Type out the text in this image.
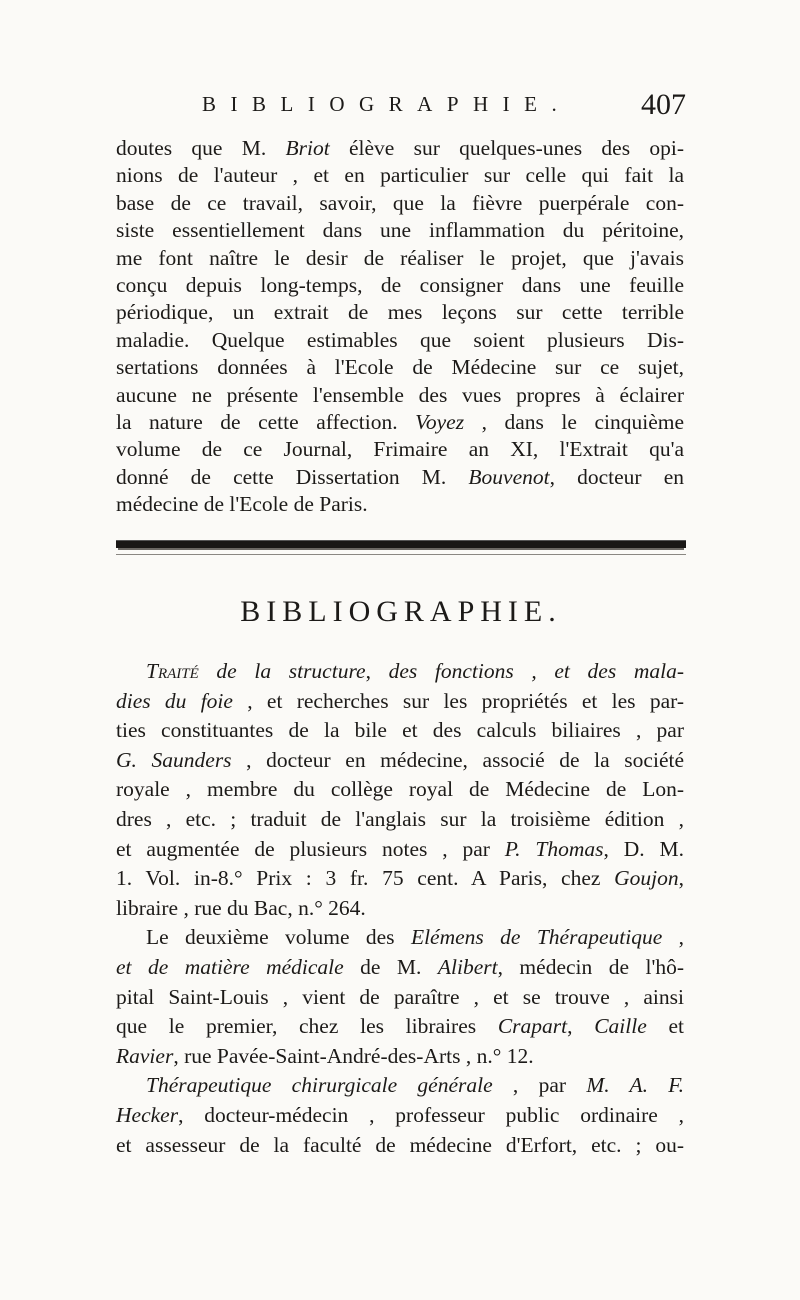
BIBLIOGRAPHIE. 407
doutes que M. Briot élève sur quelques-unes des opi-
nions de l'auteur , et en particulier sur celle qui fait la
base de ce travail, savoir, que la fièvre puerpérale con-
siste essentiellement dans une inflammation du péritoine,
me font naître le desir de réaliser le projet, que j'avais
conçu depuis long-temps, de consigner dans une feuille
périodique, un extrait de mes leçons sur cette terrible
maladie. Quelque estimables que soient plusieurs Dis-
sertations données à l'Ecole de Médecine sur ce sujet,
aucune ne présente l'ensemble des vues propres à éclairer
la nature de cette affection. Voyez , dans le cinquième
volume de ce Journal, Frimaire an XI, l'Extrait qu'a
donné de cette Dissertation M. Bouvenot, docteur en
médecine de l'Ecole de Paris.
BIBLIOGRAPHIE.
Traité de la structure, des fonctions , et des mala-
dies du foie , et recherches sur les propriétés et les par-
ties constituantes de la bile et des calculs biliaires , par
G. Saunders , docteur en médecine, associé de la société
royale , membre du collège royal de Médecine de Lon-
dres , etc. ; traduit de l'anglais sur la troisième édition ,
et augmentée de plusieurs notes , par P. Thomas, D. M.
1. Vol. in-8.° Prix : 3 fr. 75 cent. A Paris, chez Goujon,
libraire , rue du Bac, n.° 264.
Le deuxième volume des Elémens de Thérapeutique ,
et de matière médicale de M. Alibert, médecin de l'hô-
pital Saint-Louis , vient de paraître , et se trouve , ainsi
que le premier, chez les libraires Crapart, Caille et
Ravier, rue Pavée-Saint-André-des-Arts , n.° 12.
Thérapeutique chirurgicale générale , par M. A. F.
Hecker, docteur-médecin , professeur public ordinaire ,
et assesseur de la faculté de médecine d'Erfort, etc. ; ou-
